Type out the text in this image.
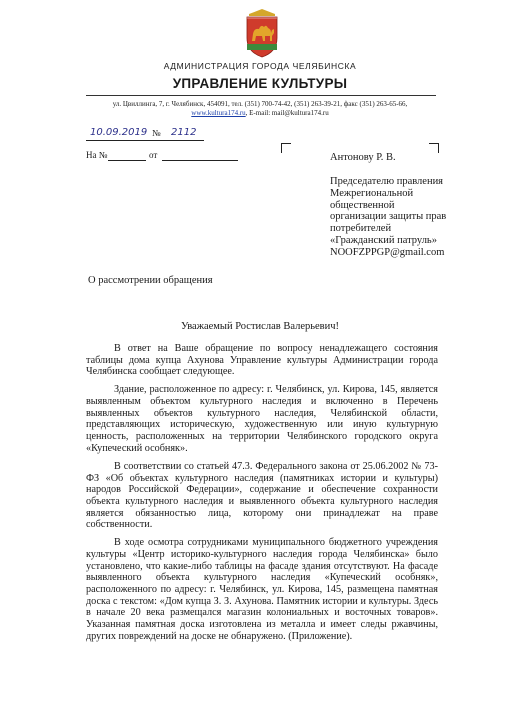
АДМИНИСТРАЦИЯ ГОРОДА ЧЕЛЯБИНСКА
УПРАВЛЕНИЕ КУЛЬТУРЫ
ул. Цвиллинга, 7, г. Челябинск, 454091, тел. (351) 700-74-42, (351) 263-39-21, факс (351) 263-65-66,
www.kultura174.ru, E-mail: mail@kultura174.ru
10.09.2019 № 2112
На №	от	Антонову Р. В.
Председателю правления
Межрегиональной
общественной
организации защиты прав
потребителей
«Гражданский патруль»
NOOFZPPGP@gmail.com
О рассмотрении обращения
Уважаемый Ростислав Валерьевич!

В ответ на Ваше обращение по вопросу ненадлежащего состояния таблицы дома купца Ахунова Управление культуры Администрации города Челябинска сообщает следующее.

Здание, расположенное по адресу: г. Челябинск, ул. Кирова, 145, является выявленным объектом культурного наследия и включенно в Перечень выявленных объектов культурного наследия, Челябинской области, представляющих историческую, художественную или иную культурную ценность, расположенных на территории Челябинского городского округа «Купеческий особняк».

В соответствии со статьей 47.3. Федерального закона от 25.06.2002 № 73-ФЗ «Об объектах культурного наследия (памятниках истории и культуры) народов Российской Федерации», содержание и обеспечение сохранности объекта культурного наследия и выявленного объекта культурного наследия является обязанностью лица, которому они принадлежат на праве собственности.

В ходе осмотра сотрудниками муниципального бюджетного учреждения культуры «Центр историко-культурного наследия города Челябинска» было установлено, что какие-либо таблицы на фасаде здания отсутствуют. На фасаде выявленного объекта культурного наследия «Купеческий особняк», расположенного по адресу: г. Челябинск, ул. Кирова, 145, размещена памятная доска с текстом: «Дом купца З. З. Ахунова. Памятник истории и культуры. Здесь в начале 20 века размещался магазин колониальных и восточных товаров». Указанная памятная доска изготовлена из металла и имеет следы ржавчины, других повреждений на доске не обнаружено. (Приложение).
